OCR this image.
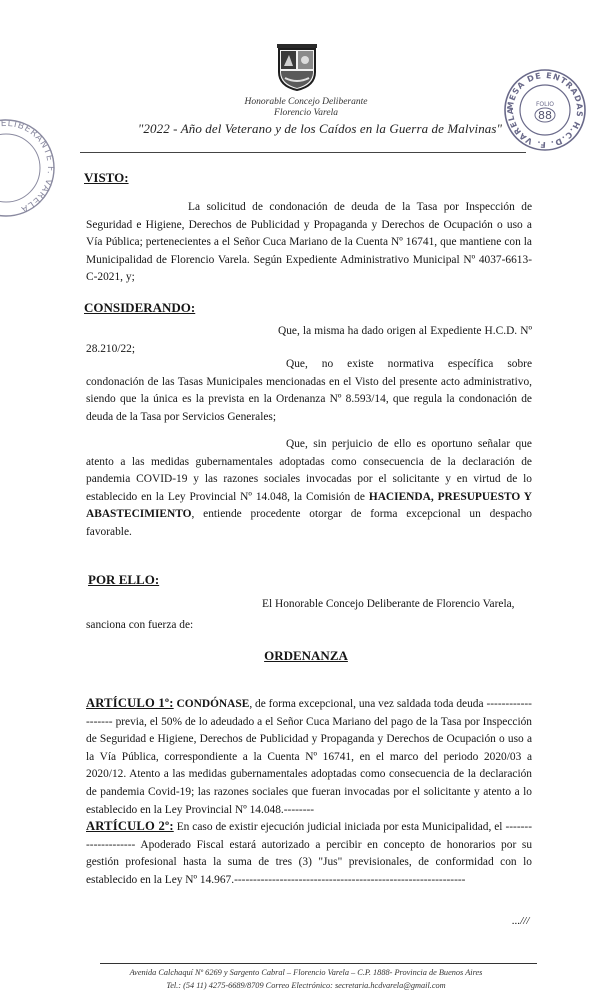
Honorable Concejo Deliberante
Florencio Varela
"2022 - Año del Veterano y de los Caídos en la Guerra de Malvinas"
MESA DE ENTRADAS H.C.D. F. VARELA
FOLIO
88
ELIBERANTE F. VARELA
VISTO:
La solicitud de condonación de deuda de la Tasa por Inspección de Seguridad e Higiene, Derechos de Publicidad y Propaganda y Derechos de Ocupación o uso a Vía Pública; pertenecientes a el Señor Cuca Mariano de la Cuenta Nº 16741, que mantiene con la Municipalidad de Florencio Varela. Según Expediente Administrativo Municipal Nº 4037-6613-C-2021, y;
CONSIDERANDO:
Que, la misma ha dado origen al Expediente H.C.D. Nº 28.210/22;
Que, no existe normativa específica sobre condonación de las Tasas Municipales mencionadas en el Visto del presente acto administrativo, siendo que la única es la prevista en la Ordenanza Nº 8.593/14, que regula la condonación de deuda de la Tasa por Servicios Generales;
Que, sin perjuicio de ello es oportuno señalar que atento a las medidas gubernamentales adoptadas como consecuencia de la declaración de pandemia COVID-19 y las razones sociales invocadas por el solicitante y en virtud de lo establecido en la Ley Provincial Nº 14.048, la Comisión de HACIENDA, PRESUPUESTO Y ABASTECIMIENTO, entiende procedente otorgar de forma excepcional un despacho favorable.
POR ELLO:
El Honorable Concejo Deliberante de Florencio Varela,
sanciona con fuerza de:
ORDENANZA
ARTÍCULO 1º: CONDÓNASE, de forma excepcional, una vez saldada toda deuda ------------------- previa, el 50% de lo adeudado a el Señor Cuca Mariano del pago de la Tasa por Inspección de Seguridad e Higiene, Derechos de Publicidad y Propaganda y Derechos de Ocupación o uso a la Vía Pública, correspondiente a la Cuenta Nº 16741, en el marco del periodo 2020/03 a 2020/12. Atento a las medidas gubernamentales adoptadas como consecuencia de la declaración de pandemia Covid-19; las razones sociales que fueran invocadas por el solicitante y atento a lo establecido en la Ley Provincial Nº 14.048.--------
ARTÍCULO 2º: En caso de existir ejecución judicial iniciada por esta Municipalidad, el -------------------- Apoderado Fiscal estará autorizado a percibir en concepto de honorarios por su gestión profesional hasta la suma de tres (3) "Jus" previsionales, de conformidad con lo establecido en la Ley Nº 14.967.-------------------------------------------------------------
...///
Avenida Calchaquí Nº 6269 y Sargento Cabral – Florencio Varela – C.P. 1888- Provincia de Buenos Aires
Tel.: (54 11) 4275-6689/8709 Correo Electrónico: secretaria.hcdvarela@gmail.com
